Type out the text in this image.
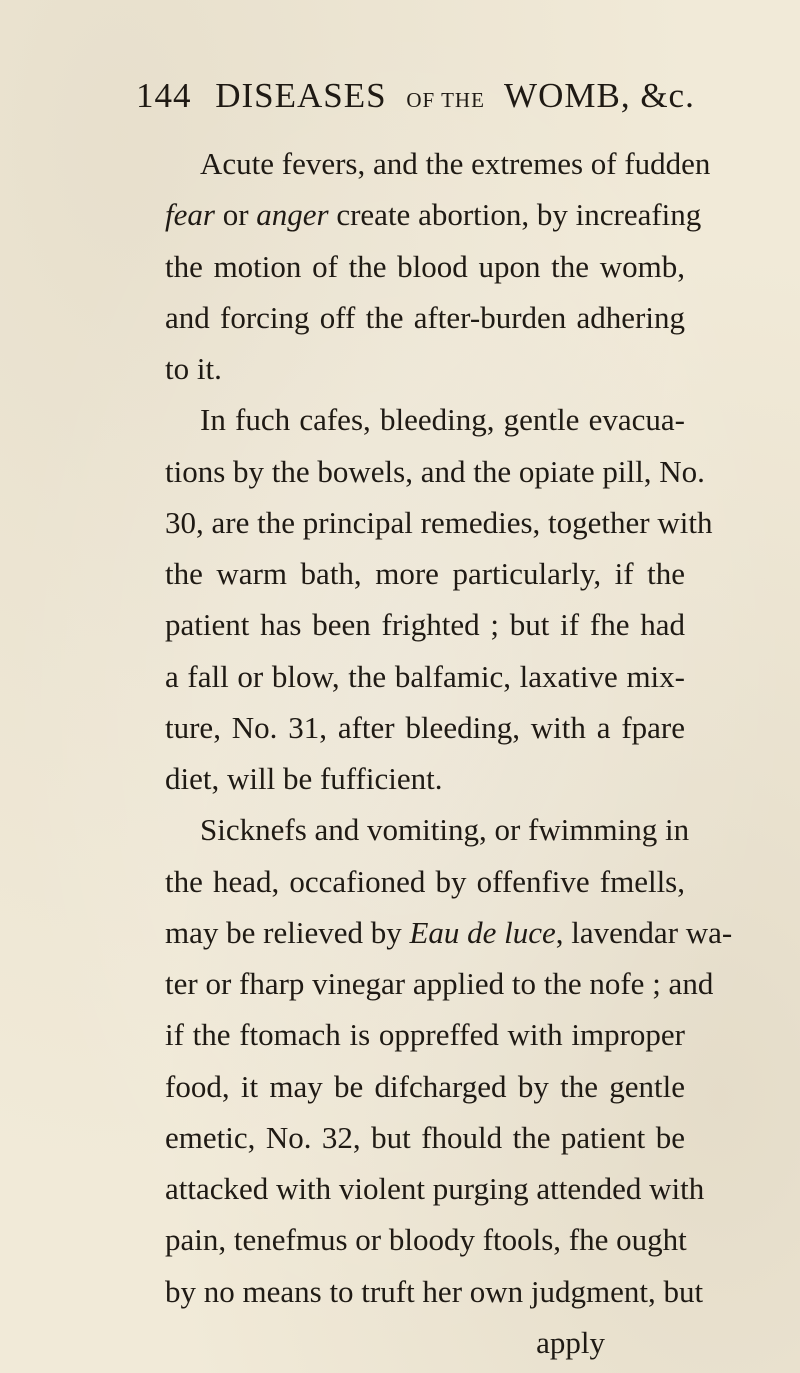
144 DISEASES OF THE WOMB, &c.
Acute fevers, and the extremes of fudden
fear or anger create abortion, by increafing
the motion of the blood upon the womb,
and forcing off the after-burden adhering
to it.
In fuch cafes, bleeding, gentle evacua-
tions by the bowels, and the opiate pill, No.
30, are the principal remedies, together with
the warm bath, more particularly, if the
patient has been frighted ; but if fhe had
a fall or blow, the balfamic, laxative mix-
ture, No. 31, after bleeding, with a fpare
diet, will be fufficient.
Sicknefs and vomiting, or fwimming in
the head, occafioned by offenfive fmells,
may be relieved by Eau de luce, lavendar wa-
ter or fharp vinegar applied to the nofe ; and
if the ftomach is oppreffed with improper
food, it may be difcharged by the gentle
emetic, No. 32, but fhould the patient be
attacked with violent purging attended with
pain, tenefmus or bloody ftools, fhe ought
by no means to truft her own judgment, but
apply
